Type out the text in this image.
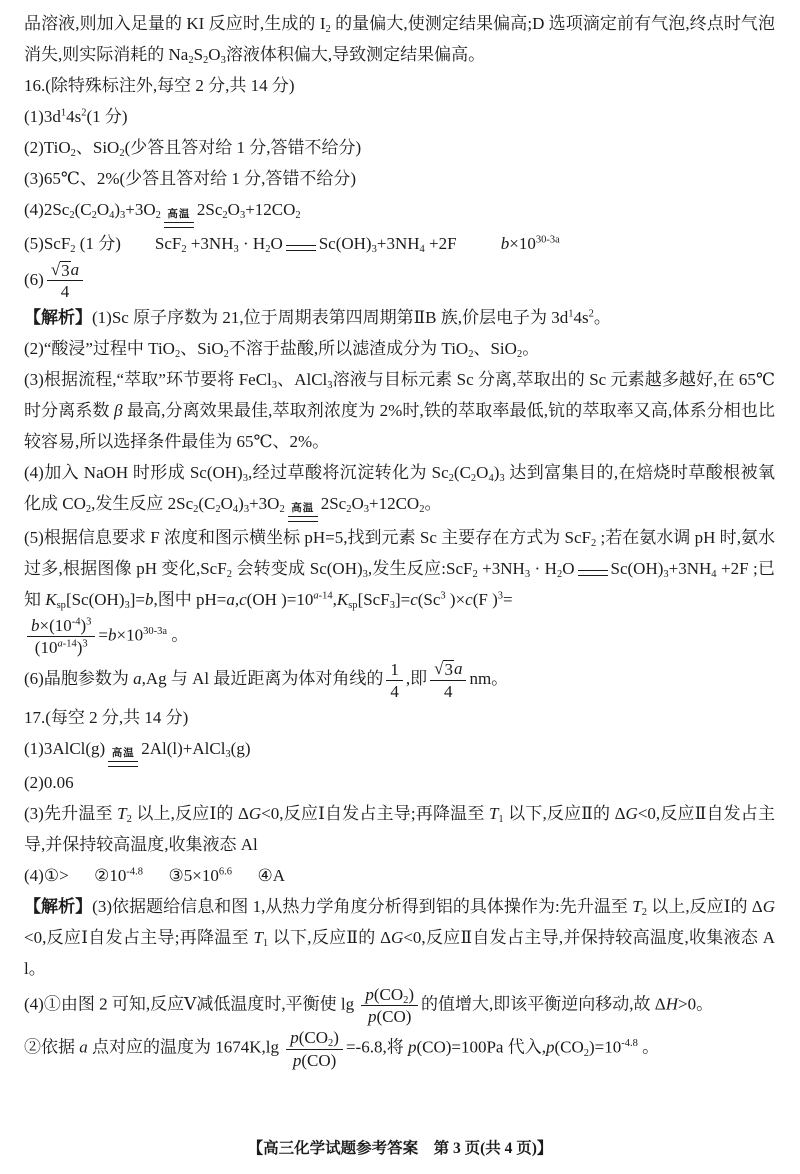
品溶液,则加入足量的 KI 反应时,生成的 $I_2$ 的量偏大,使测定结果偏高;D 选项滴定前有气泡,终点时气泡消失,则实际消耗的 $Na_2S_2O_3$溶液体积偏大,导致测定结果偏高。

16.(除特殊标注外,每空 2 分,共 14 分)

$(1)3d^14s^2(1$ 分)

(2)TiO$_2$、SiO$_2$(少答且答对给 1 分,答错不给分)

(3)65℃、2%(少答且答对给 1 分,答错不给分)

$(4)2Sc_2(C_2O_4)_3+3O_2$ 高温 $2Sc_2O_3+12CO_2$

(5)ScF$_2$ (1 分) $ScF_2 +3NH_3 \cdot H_2O$ $Sc(OH)_3+3NH_4 +2F$	$b\times 10^{30-3a}$

$(6) \frac{√ 3 a}{4}$

【解析】(1)Sc 原子序数为 21,位于周期表第四周期第ⅡB 族,价层电子为 $3d^14s^2$。

(2)“酸浸”过程中 TiO$_2$、SiO$_2$不溶于盐酸,所以滤渣成分为 TiO$_2$、SiO$_2$。

(3)根据流程,“萃取”环节要将 FeCl$_3$、AlCl$_3$溶液与目标元素 Sc 分离,萃取出的 Sc 元素越多越好,在 65℃时分离系数 β 最高,分离效果最佳,萃取剂浓度为 2%时,铁的萃取率最低,钪的萃取率又高,体系分相也比较容易,所以选择条件最佳为 65℃、2%。

(4)加入 NaOH 时形成 $Sc(OH)_3$,经过草酸将沉淀转化为 $Sc_2(C_2O_4)_3$ 达到富集目的,在焙烧时草酸根被氧化成 $CO_2$,发生反应 $2Sc_2(C_2O_4)_3+3O_2$ 高温 $2Sc_2O_3+12CO_2$。

(5)根据信息要求 F 浓度和图示横坐标 pH=5,找到元素 Sc 主要存在方式为 ScF$_2$ ;若在氨水调 pH 时,氨水过多,根据图像 pH 变化,ScF$_2$ 会转变成 $Sc(OH)_3$,发生反应:ScF$_2$ $+3NH_3 \cdot H_2O$ $Sc(OH)_3+3NH_4 +2F$ ;已知 $K_{sp}[Sc(OH)_3]=b$,图中 pH=a,c(OH )$=10^{a-14},K_{sp}[ScF_3]=c(Sc^3$ )×c(F )$^3$=

$\frac{b\times(10^{-4})^3}{(10^{a-14})^3} =b\times 10^{30-3a}$ 。

(6)晶胞参数为 a,Ag 与 Al 最近距离为体对角线的 $\frac{1}{4}$ ,即 $\frac{√ 3 a}{4}$ nm。

17.(每空 2 分,共 14 分)

(1)3AlCl(g) 高温 2Al(l)+AlCl$_3$(g)

(2)0.06

(3)先升温至 $T_2$ 以上,反应Ⅰ的 ΔG<0,反应Ⅰ自发占主导;再降温至 $T_1$ 以下,反应Ⅱ的 ΔG<0,反应Ⅱ自发占主导,并保持较高温度,收集液态 Al

(4)①> $②10^{-4.8}$ $③5\times 10^{6.6}$ ④A

【解析】(3)依据题给信息和图 1,从热力学角度分析得到铝的具体操作为:先升温至 $T_2$ 以上,反应Ⅰ的 ΔG<0,反应Ⅰ自发占主导;再降温至 $T_1$ 以下,反应Ⅱ的 ΔG<0,反应Ⅱ自发占主导,并保持较高温度,收集液态 Al。

(4)①由图 2 可知,反应Ⅴ减低温度时,平衡使 $\lg \frac{p(CO_2)}{p(CO)}$ 的值增大,即该平衡逆向移动,故 ΔH>0。

②依据 a 点对应的温度为 $1674K,\lg \frac{p(CO_2)}{p(CO)} =-6.8$,将 p(CO)=100Pa 代入$,p(CO_2)=10^{-4.8}$ 。

【高三化学试题参考答案　第 3 页(共 4 页)】
